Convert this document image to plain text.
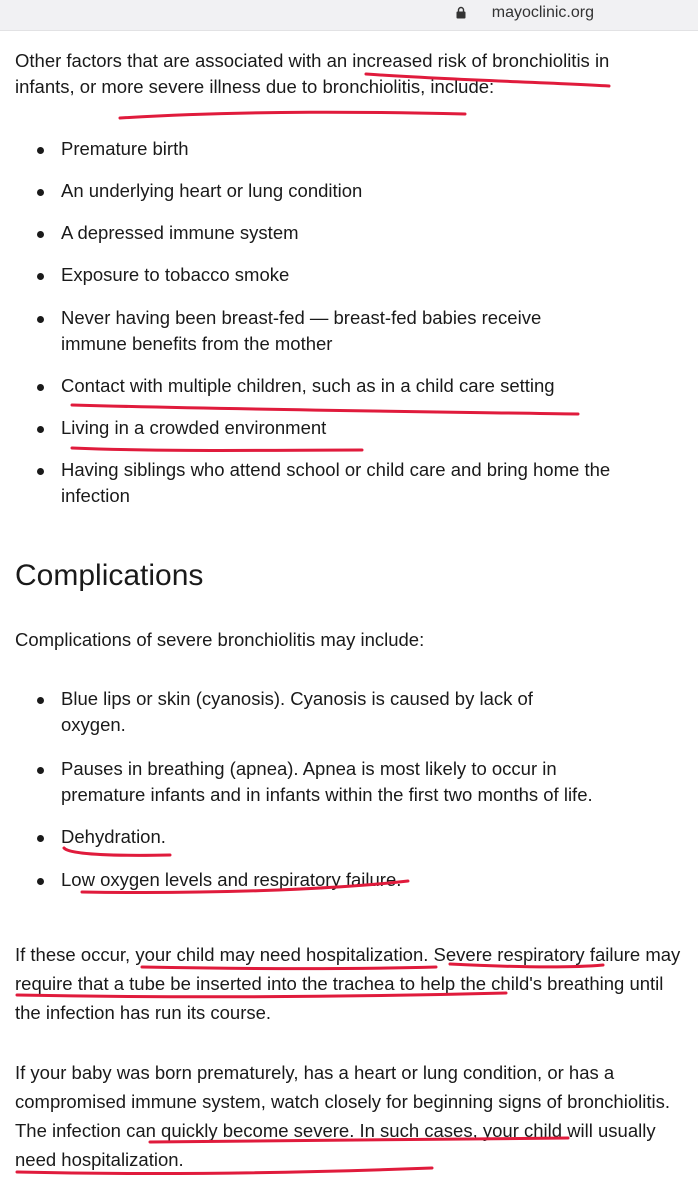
mayoclinic.org

Other factors that are associated with an increased risk of bronchiolitis in infants, or more severe illness due to bronchiolitis, include:

Premature birth
An underlying heart or lung condition
A depressed immune system
Exposure to tobacco smoke
Never having been breast-fed — breast-fed babies receive immune benefits from the mother
Contact with multiple children, such as in a child care setting
Living in a crowded environment
Having siblings who attend school or child care and bring home the infection
Complications

Complications of severe bronchiolitis may include:

Blue lips or skin (cyanosis). Cyanosis is caused by lack of oxygen.
Pauses in breathing (apnea). Apnea is most likely to occur in premature infants and in infants within the first two months of life.
Dehydration.
Low oxygen levels and respiratory failure.

If these occur, your child may need hospitalization. Severe respiratory failure may require that a tube be inserted into the trachea to help the child's breathing until the infection has run its course.

If your baby was born prematurely, has a heart or lung condition, or has a compromised immune system, watch closely for beginning signs of bronchiolitis. The infection can quickly become severe. In such cases, your child will usually need hospitalization.
